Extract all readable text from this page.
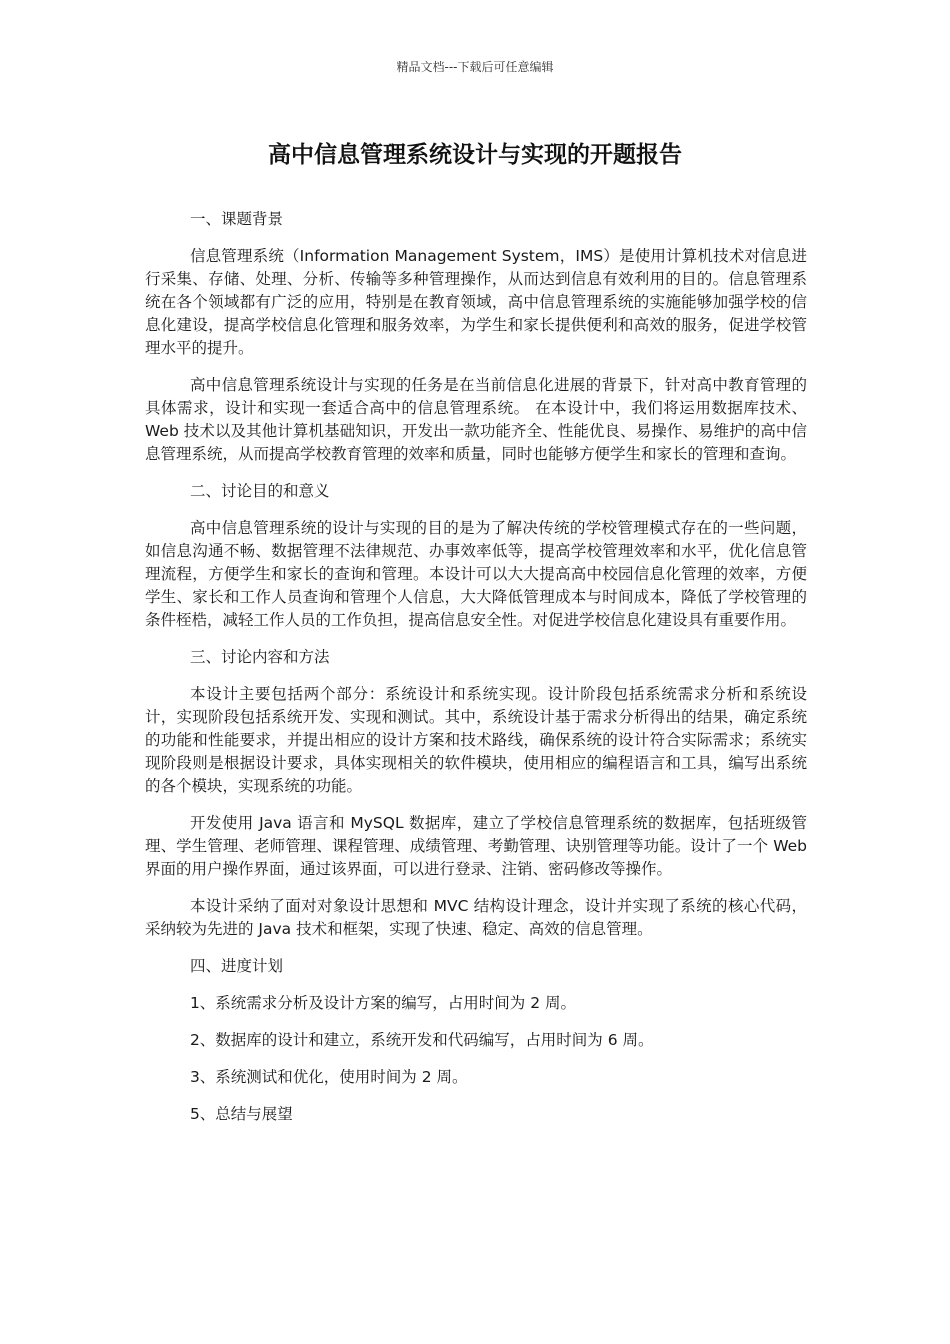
精品文档---下载后可任意编辑
高中信息管理系统设计与实现的开题报告

一、课题背景

信息管理系统（Information Management System，IMS）是使用计算机技术对信息进行采集、存储、处理、分析、传输等多种管理操作，从而达到信息有效利用的目的。信息管理系统在各个领域都有广泛的应用，特别是在教育领域，高中信息管理系统的实施能够加强学校的信息化建设，提高学校信息化管理和服务效率，为学生和家长提供便利和高效的服务，促进学校管理水平的提升。

高中信息管理系统设计与实现的任务是在当前信息化进展的背景下，针对高中教育管理的具体需求，设计和实现一套适合高中的信息管理系统。 在本设计中，我们将运用数据库技术、Web 技术以及其他计算机基础知识，开发出一款功能齐全、性能优良、易操作、易维护的高中信息管理系统，从而提高学校教育管理的效率和质量，同时也能够方便学生和家长的管理和查询。

二、讨论目的和意义

高中信息管理系统的设计与实现的目的是为了解决传统的学校管理模式存在的一些问题，如信息沟通不畅、数据管理不法律规范、办事效率低等，提高学校管理效率和水平，优化信息管理流程，方便学生和家长的查询和管理。本设计可以大大提高高中校园信息化管理的效率，方便学生、家长和工作人员查询和管理个人信息，大大降低管理成本与时间成本，降低了学校管理的条件桎梏，减轻工作人员的工作负担，提高信息安全性。对促进学校信息化建设具有重要作用。

三、讨论内容和方法

本设计主要包括两个部分：系统设计和系统实现。设计阶段包括系统需求分析和系统设计，实现阶段包括系统开发、实现和测试。其中，系统设计基于需求分析得出的结果，确定系统的功能和性能要求，并提出相应的设计方案和技术路线，确保系统的设计符合实际需求；系统实现阶段则是根据设计要求，具体实现相关的软件模块，使用相应的编程语言和工具，编写出系统的各个模块，实现系统的功能。

开发使用 Java 语言和 MySQL 数据库，建立了学校信息管理系统的数据库，包括班级管理、学生管理、老师管理、课程管理、成绩管理、考勤管理、诀别管理等功能。设计了一个 Web 界面的用户操作界面，通过该界面，可以进行登录、注销、密码修改等操作。

本设计采纳了面对对象设计思想和 MVC 结构设计理念，设计并实现了系统的核心代码，采纳较为先进的 Java 技术和框架，实现了快速、稳定、高效的信息管理。

四、进度计划

1、系统需求分析及设计方案的编写，占用时间为 2 周。

2、数据库的设计和建立，系统开发和代码编写，占用时间为 6 周。

3、系统测试和优化，使用时间为 2 周。

5、总结与展望
